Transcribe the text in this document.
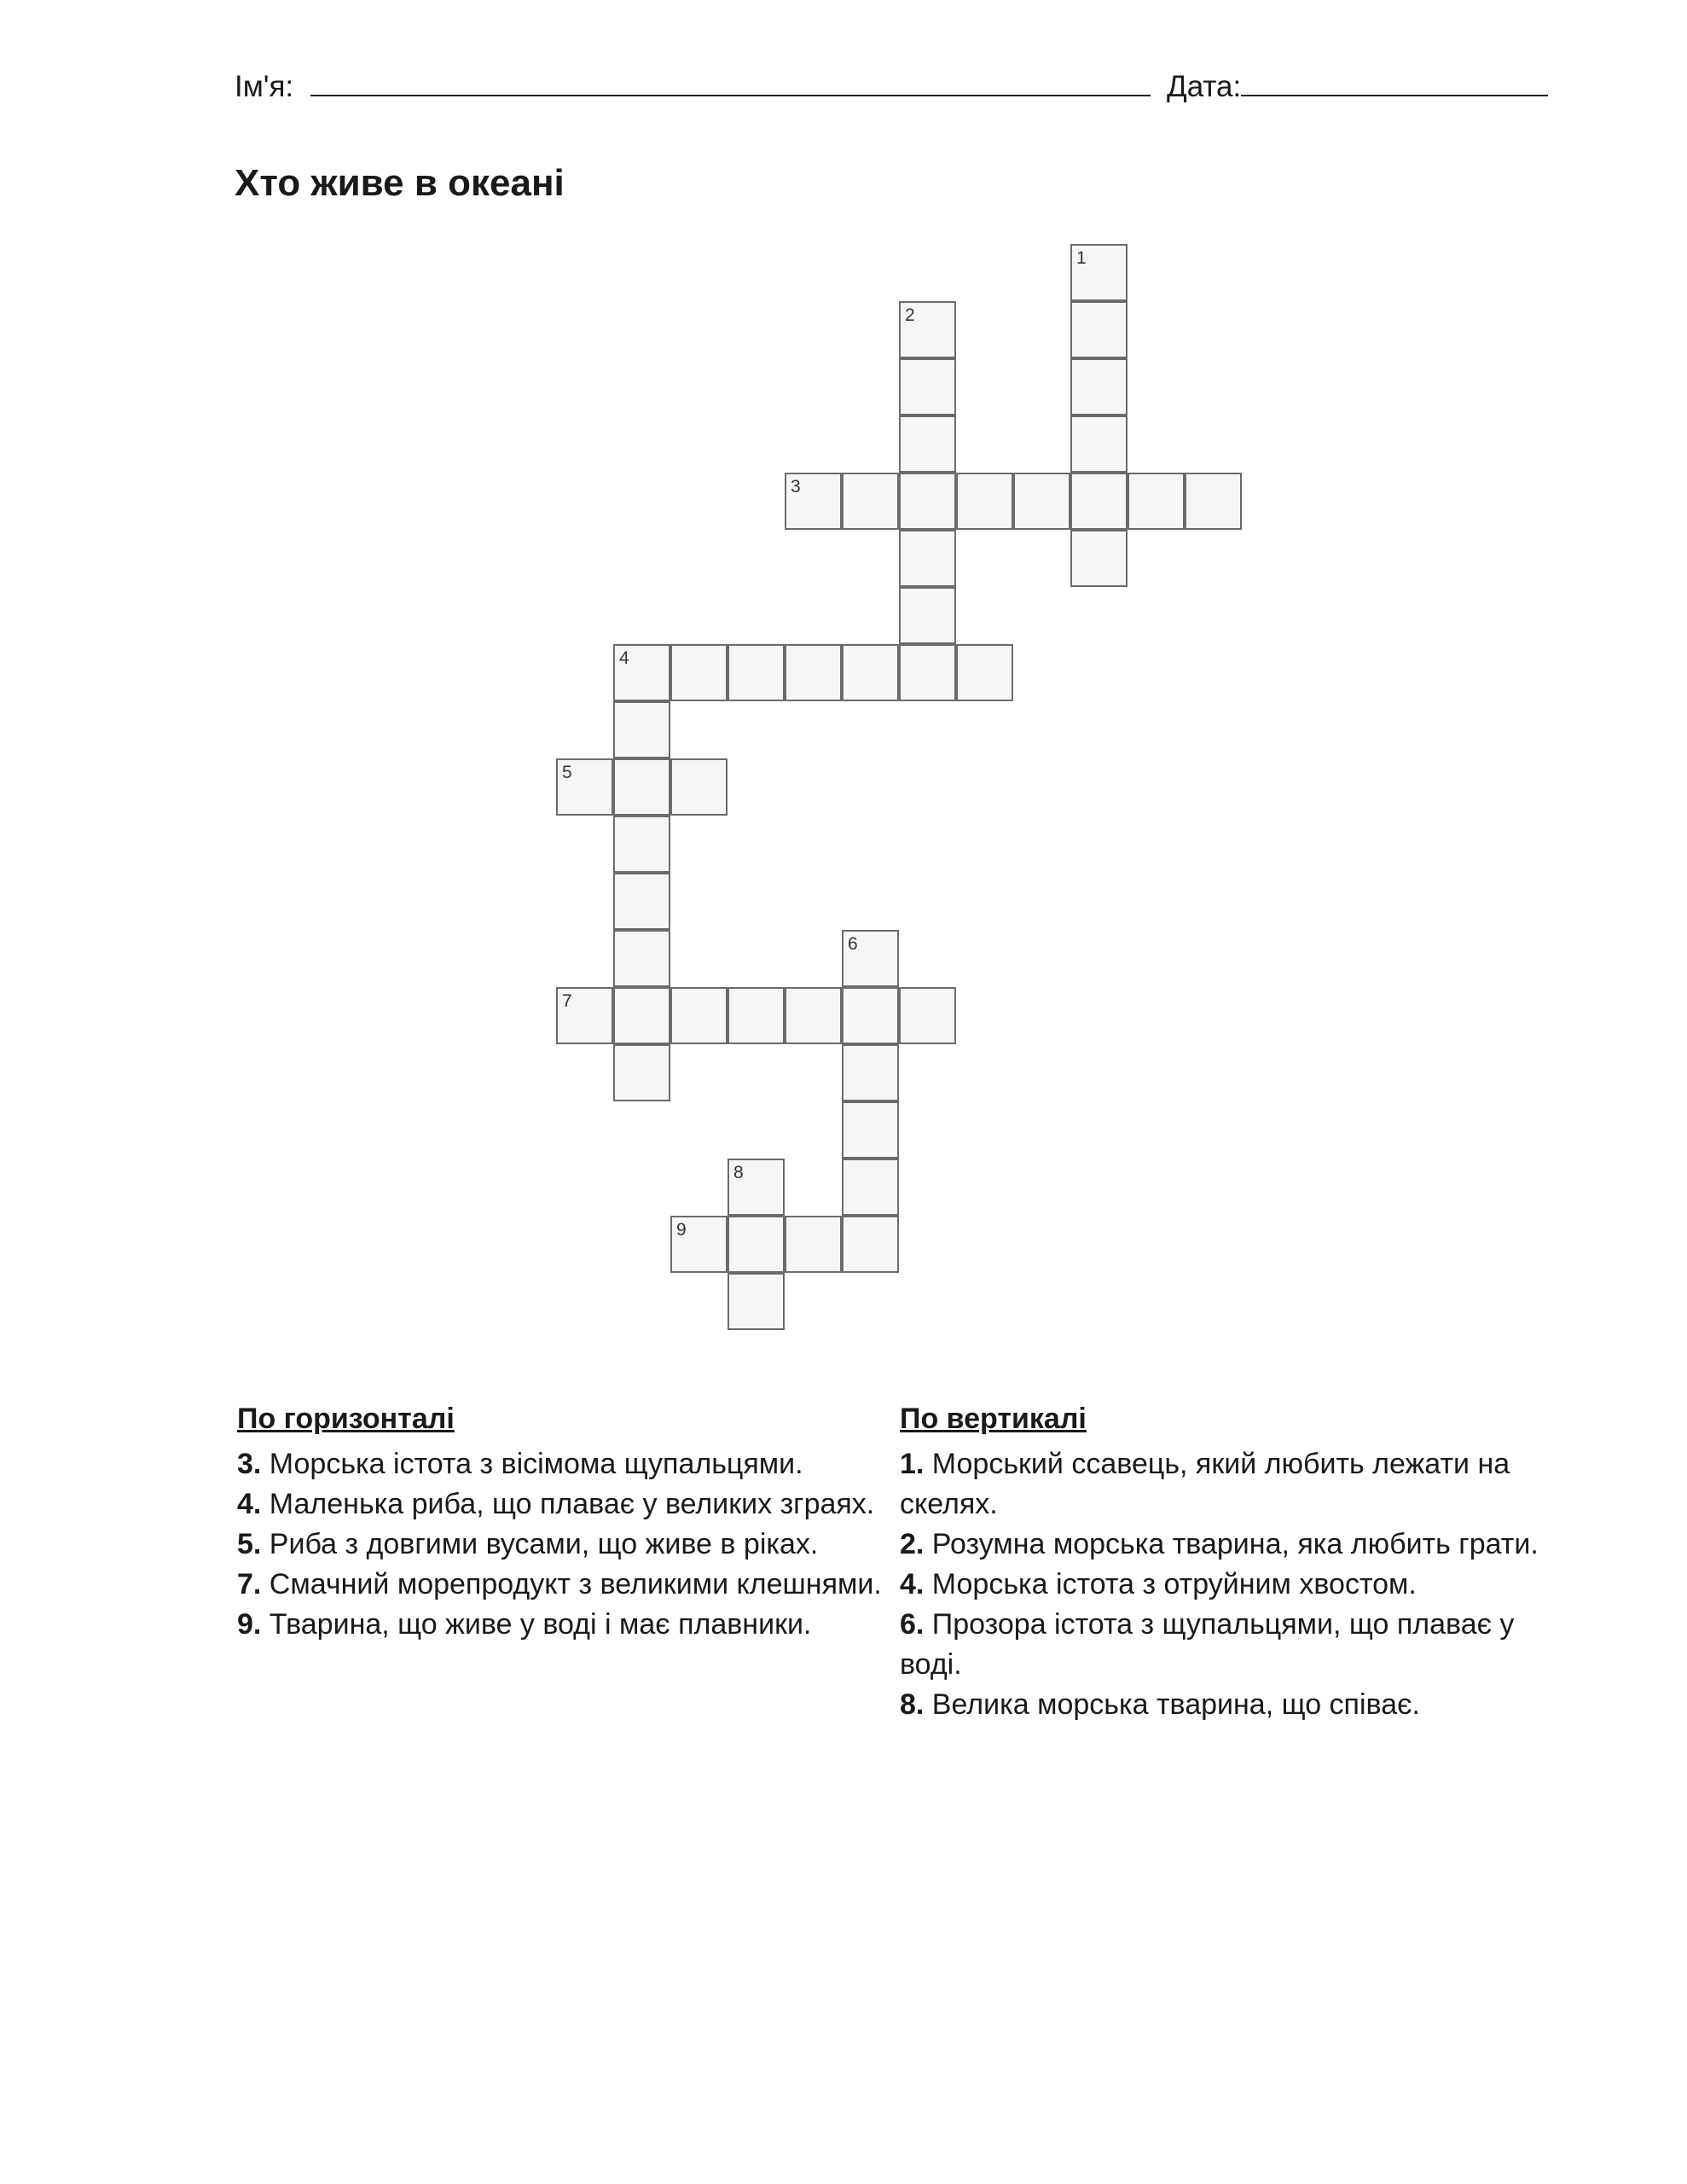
Ім'я:	Дата:
Хто живе в океані
1
2
3
4
5
6
7
8
9
По горизонталі

3. Морська істота з вісімома щупальцями.

4. Маленька риба, що плаває у великих зграях.

5. Риба з довгими вусами, що живе в ріках.

7. Смачний морепродукт з великими клешнями.

9. Тварина, що живе у воді і має плавники.

По вертикалі

1. Морський ссавець, який любить лежати на скелях.

2. Розумна морська тварина, яка любить грати.

4. Морська істота з отруйним хвостом.

6. Прозора істота з щупальцями, що плаває у воді.

8. Велика морська тварина, що співає.
